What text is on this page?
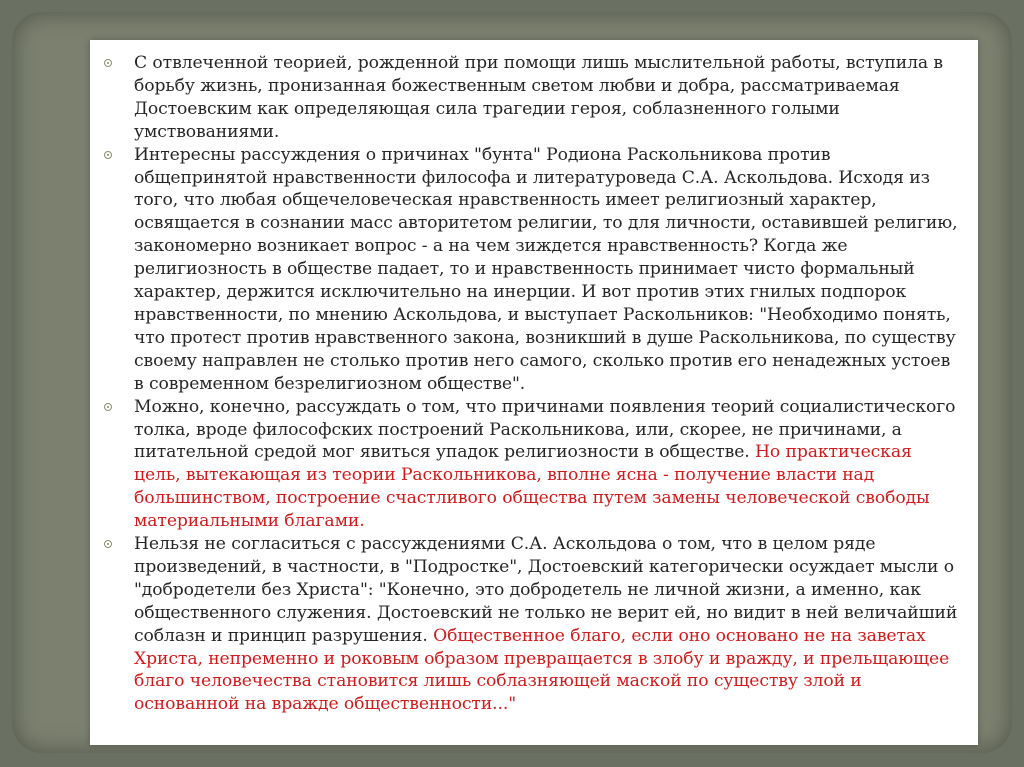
С отвлеченной теорией, рожденной при помощи лишь мыслительной работы, вступила в борьбу жизнь, пронизанная божественным светом любви и добра, рассматриваемая Достоевским как определяющая сила трагедии героя, соблазненного голыми умствованиями.
Интересны рассуждения о причинах "бунта" Родиона Раскольникова против общепринятой нравственности философа и литературоведа С.А. Аскольдова. Исходя из того, что любая общечеловеческая нравственность имеет религиозный характер, освящается в сознании масс авторитетом религии, то для личности, оставившей религию, закономерно возникает вопрос - а на чем зиждется нравственность? Когда же религиозность в обществе падает, то и нравственность принимает чисто формальный характер, держится исключительно на инерции. И вот против этих гнилых подпорок нравственности, по мнению Аскольдова, и выступает Раскольников: "Необходимо понять, что протест против нравственного закона, возникший в душе Раскольникова, по существу своему направлен не столько против него самого, сколько против его ненадежных устоев в современном безрелигиозном обществе".
Можно, конечно, рассуждать о том, что причинами появления теорий социалистического толка, вроде философских построений Раскольникова, или, скорее, не причинами, а питательной средой мог явиться упадок религиозности в обществе. Но практическая цель, вытекающая из теории Раскольникова, вполне ясна - получение власти над большинством, построение счастливого общества путем замены человеческой свободы материальными благами.
Нельзя не согласиться с рассуждениями С.А. Аскольдова о том, что в целом ряде произведений, в частности, в "Подростке", Достоевский категорически осуждает мысли о "добродетели без Христа": "Конечно, это добродетель не личной жизни, а именно, как общественного служения. Достоевский не только не верит ей, но видит в ней величайший соблазн и принцип разрушения. Общественное благо, если оно основано не на заветах Христа, непременно и роковым образом превращается в злобу и вражду, и прельщающее благо человечества становится лишь соблазняющей маской по существу злой и основанной на вражде общественности..."
